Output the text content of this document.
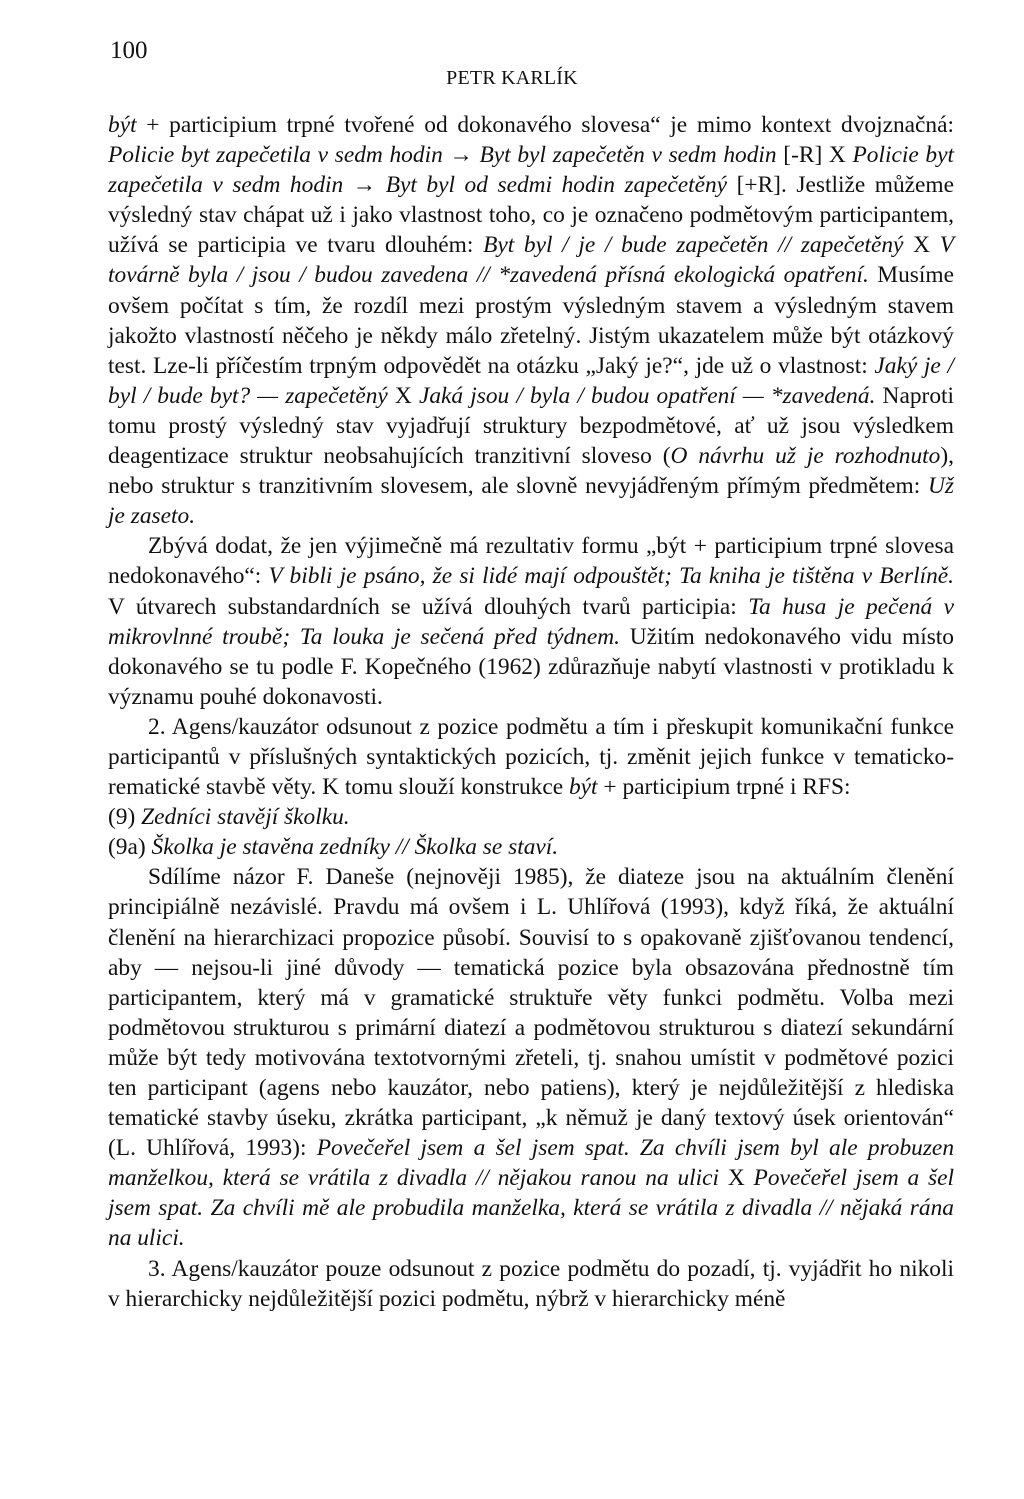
100
PETR KARLÍK

být + participium trpné tvořené od dokonavého slovesa“ je mimo kontext dvojznačná: Policie byt zapečetila v sedm hodin → Byt byl zapečetěn v sedm hodin [-R] X Policie byt zapečetila v sedm hodin → Byt byl od sedmi hodin zapečetěný [+R]. Jestliže můžeme výsledný stav chápat už i jako vlastnost toho, co je označeno podmětovým participantem, užívá se participia ve tvaru dlouhém: Byt byl / je / bude zapečetěn // zapečetěný X V továrně byla / jsou / budou zavedena // *zavedená přísná ekologická opatření. Musíme ovšem počítat s tím, že rozdíl mezi prostým výsledným stavem a výsledným stavem jakožto vlastností něčeho je někdy málo zřetelný. Jistým ukazatelem může být otázkový test. Lze-li příčestím trpným odpovědět na otázku „Jaký je?“, jde už o vlastnost: Jaký je / byl / bude byt? — zapečetěný X Jaká jsou / byla / budou opatření — *zavedená. Naproti tomu prostý výsledný stav vyjadřují struktury bezpodmětové, ať už jsou výsledkem deagentizace struktur neobsahujících tranzitivní sloveso (O návrhu už je rozhodnuto), nebo struktur s tranzitivním slovesem, ale slovně nevyjádřeným přímým předmětem: Už je zaseto.

Zbývá dodat, že jen výjimečně má rezultativ formu „být + participium trpné slovesa nedokonavého“: V bibli je psáno, že si lidé mají odpouštět; Ta kniha je tištěna v Berlíně. V útvarech substandardních se užívá dlouhých tvarů participia: Ta husa je pečená v mikrovlnné troubě; Ta louka je sečená před týdnem. Užitím nedokonavého vidu místo dokonavého se tu podle F. Kopečného (1962) zdůrazňuje nabytí vlastnosti v protikladu k významu pouhé dokonavosti.

2. Agens/kauzátor odsunout z pozice podmětu a tím i přeskupit komunikační funkce participantů v příslušných syntaktických pozicích, tj. změnit jejich funkce v tematicko-rematické stavbě věty. K tomu slouží konstrukce být + participium trpné i RFS:

(9) Zedníci stavějí školku.

(9a) Školka je stavěna zedníky // Školka se staví.

Sdílíme názor F. Daneše (nejnověji 1985), že diateze jsou na aktuálním členění principiálně nezávislé. Pravdu má ovšem i L. Uhlířová (1993), když říká, že aktuální členění na hierarchizaci propozice působí. Souvisí to s opakovaně zjišťovanou tendencí, aby — nejsou-li jiné důvody — tematická pozice byla obsazována přednostně tím participantem, který má v gramatické struktuře věty funkci podmětu. Volba mezi podmětovou strukturou s primární diatezí a podmětovou strukturou s diatezí sekundární může být tedy motivována textotvornými zřeteli, tj. snahou umístit v podmětové pozici ten participant (agens nebo kauzátor, nebo patiens), který je nejdůležitější z hlediska tematické stavby úseku, zkrátka participant, „k němuž je daný textový úsek orientován“ (L. Uhlířová, 1993): Povečeřel jsem a šel jsem spat. Za chvíli jsem byl ale probuzen manželkou, která se vrátila z divadla // nějakou ranou na ulici X Povečeřel jsem a šel jsem spat. Za chvíli mě ale probudila manželka, která se vrátila z divadla // nějaká rána na ulici.

3. Agens/kauzátor pouze odsunout z pozice podmětu do pozadí, tj. vyjádřit ho nikoli v hierarchicky nejdůležitější pozici podmětu, nýbrž v hierarchicky méně
